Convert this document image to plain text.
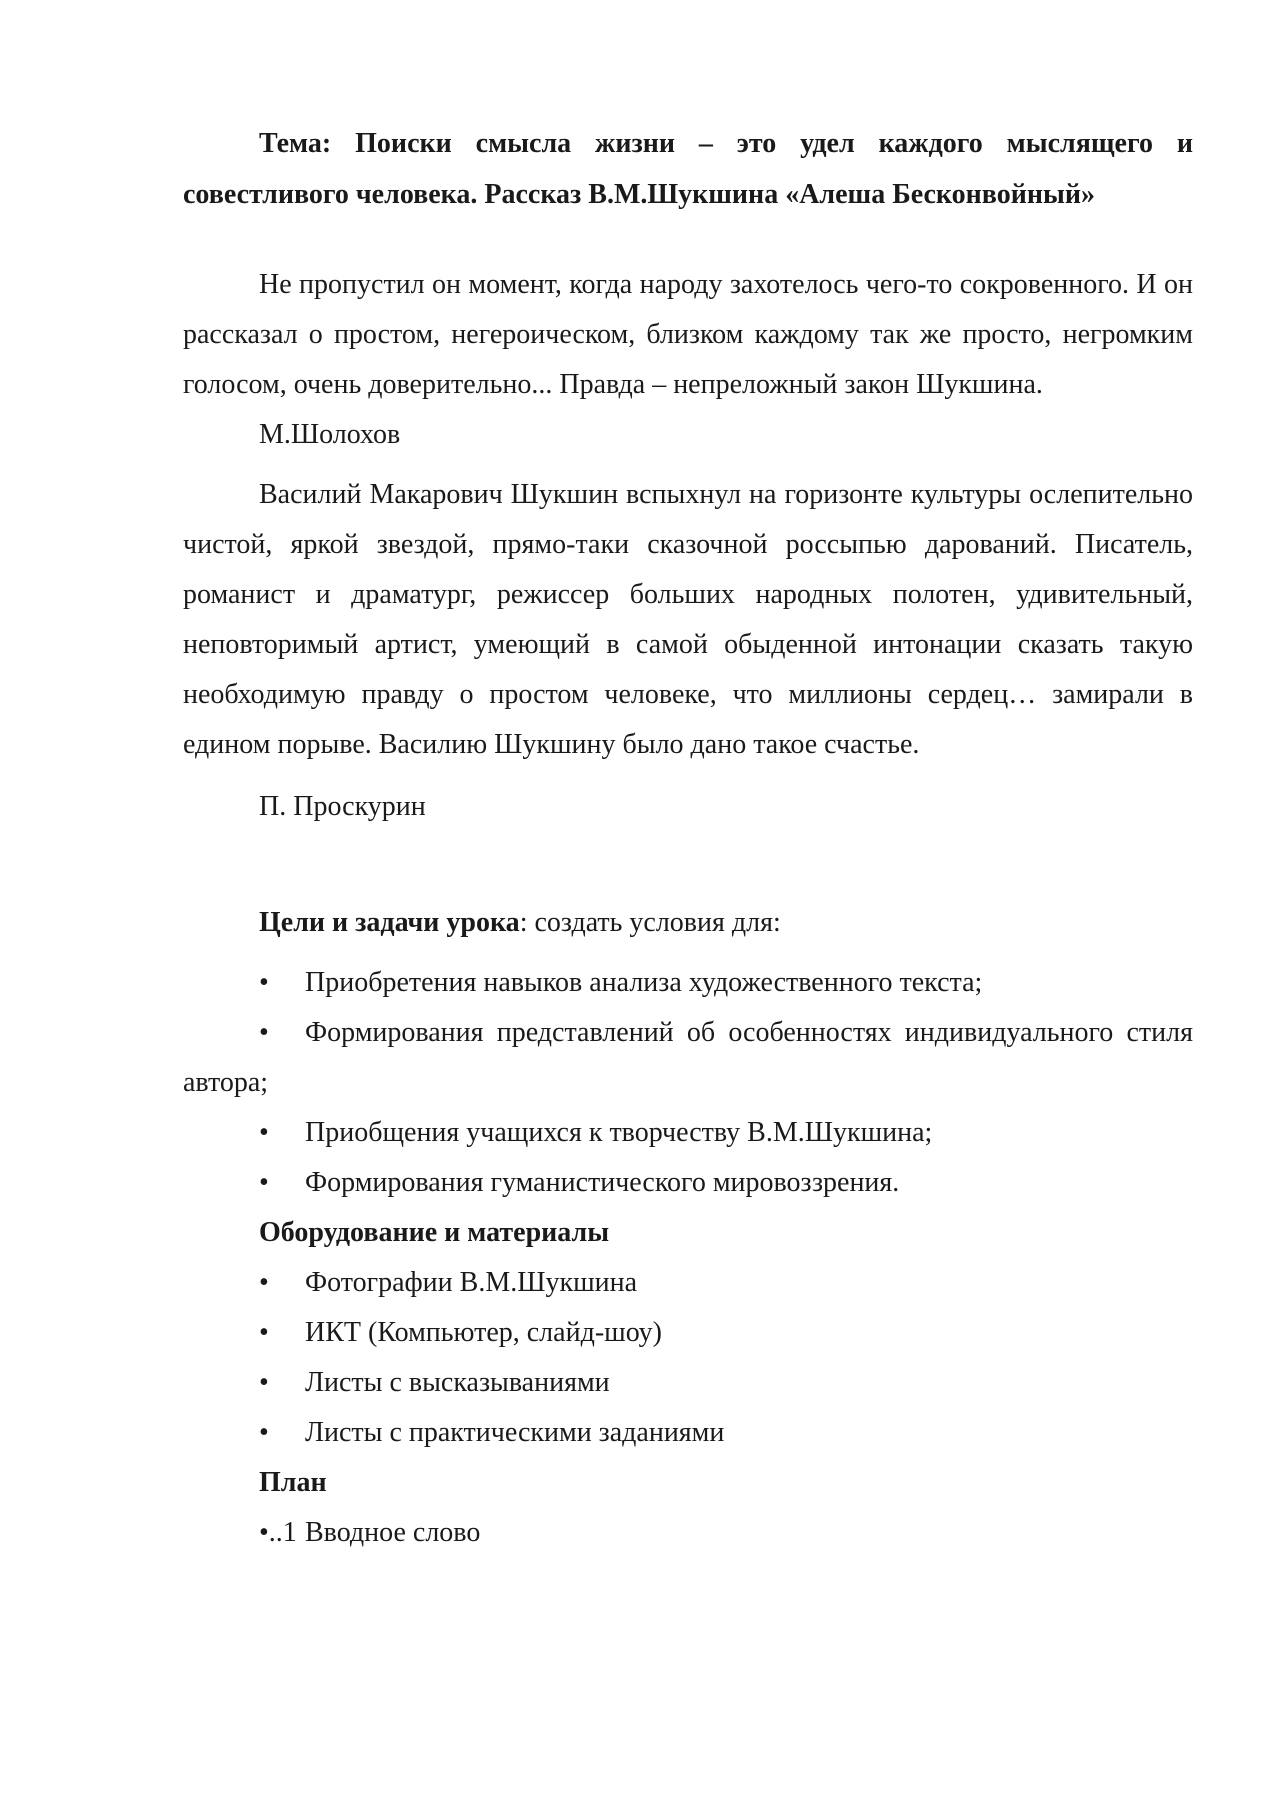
Тема: Поиски смысла жизни – это удел каждого мыслящего и совестливого человека. Рассказ В.М.Шукшина «Алеша Бесконвойный»

Не пропустил он момент, когда народу захотелось чего-то сокровенного. И он рассказал о простом, негероическом, близком каждому так же просто, негромким голосом, очень доверительно... Правда – непреложный закон Шукшина.

М.Шолохов

Василий Макарович Шукшин вспыхнул на горизонте культуры ослепительно чистой, яркой звездой, прямо-таки сказочной россыпью дарований. Писатель, романист и драматург, режиссер больших народных полотен, удивительный, неповторимый артист, умеющий в самой обыденной интонации сказать такую необходимую правду о простом человеке, что миллионы сердец… замирали в едином порыве. Василию Шукшину было дано такое счастье.

П. Проскурин

Цели и задачи урока: создать условия для:

• Приобретения навыков анализа художественного текста;

• Формирования представлений об особенностях индивидуального стиля автора;

• Приобщения учащихся к творчеству В.М.Шукшина;

• Формирования гуманистического мировоззрения.

Оборудование и материалы

• Фотографии В.М.Шукшина

• ИКТ (Компьютер, слайд-шоу)

• Листы с высказываниями

• Листы с практическими заданиями

План

•..1 Вводное слово
